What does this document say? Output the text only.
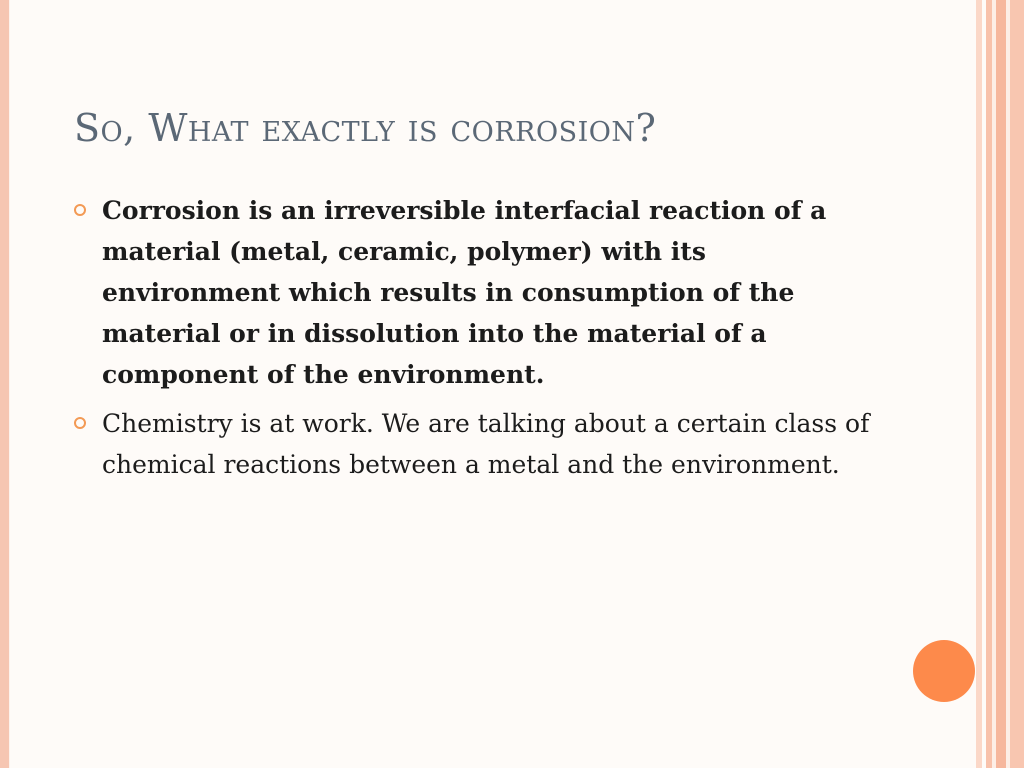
So, What exactly is corrosion?
Corrosion is an irreversible interfacial reaction of a material (metal, ceramic, polymer) with its environment which results in consumption of the material or in dissolution into the material of a component of the environment.
Chemistry is at work. We are talking about a certain class of chemical reactions between a metal and the environment.
